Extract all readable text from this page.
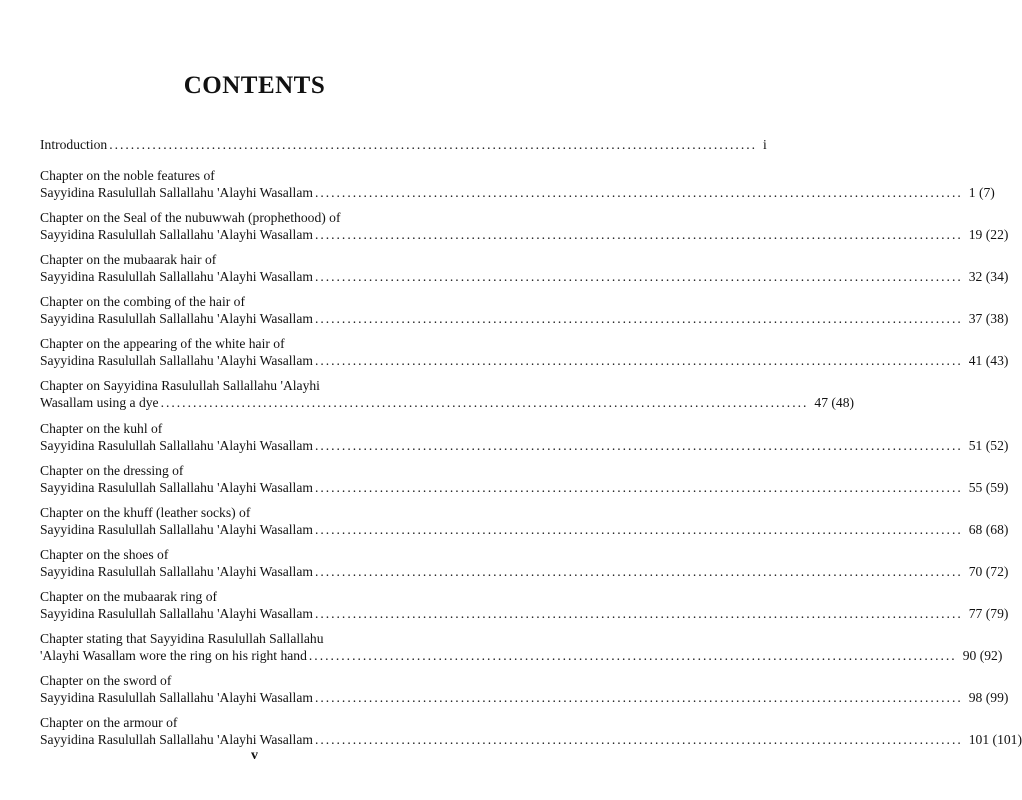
CONTENTS
Introduction ........................................................................................................................ i
Chapter on the noble features of
Sayyidina Rasulullah Sallallahu 'Alayhi Wasallam ........................................................................................................................ 1 (7)
Chapter on the Seal of the nubuwwah (prophethood) of
Sayyidina Rasulullah Sallallahu 'Alayhi Wasallam ........................................................................................................................ 19 (22)
Chapter on the mubaarak hair of
Sayyidina Rasulullah Sallallahu 'Alayhi Wasallam ........................................................................................................................ 32 (34)
Chapter on the combing of the hair of
Sayyidina Rasulullah Sallallahu 'Alayhi Wasallam ........................................................................................................................ 37 (38)
Chapter on the appearing of the white hair of
Sayyidina Rasulullah Sallallahu 'Alayhi Wasallam ........................................................................................................................ 41 (43)
Chapter on Sayyidina Rasulullah Sallallahu 'Alayhi
Wasallam using a dye ........................................................................................................................ 47 (48)
Chapter on the kuhl of
Sayyidina Rasulullah Sallallahu 'Alayhi Wasallam ........................................................................................................................ 51 (52)
Chapter on the dressing of
Sayyidina Rasulullah Sallallahu 'Alayhi Wasallam ........................................................................................................................ 55 (59)
Chapter on the khuff (leather socks) of
Sayyidina Rasulullah Sallallahu 'Alayhi Wasallam ........................................................................................................................ 68 (68)
Chapter on the shoes of
Sayyidina Rasulullah Sallallahu 'Alayhi Wasallam ........................................................................................................................ 70 (72)
Chapter on the mubaarak ring of
Sayyidina Rasulullah Sallallahu 'Alayhi Wasallam ........................................................................................................................ 77 (79)
Chapter stating that Sayyidina Rasulullah Sallallahu
'Alayhi Wasallam wore the ring on his right hand ........................................................................................................................ 90 (92)
Chapter on the sword of
Sayyidina Rasulullah Sallallahu 'Alayhi Wasallam ........................................................................................................................ 98 (99)
Chapter on the armour of
Sayyidina Rasulullah Sallallahu 'Alayhi Wasallam ........................................................................................................................ 101 (101)
v
